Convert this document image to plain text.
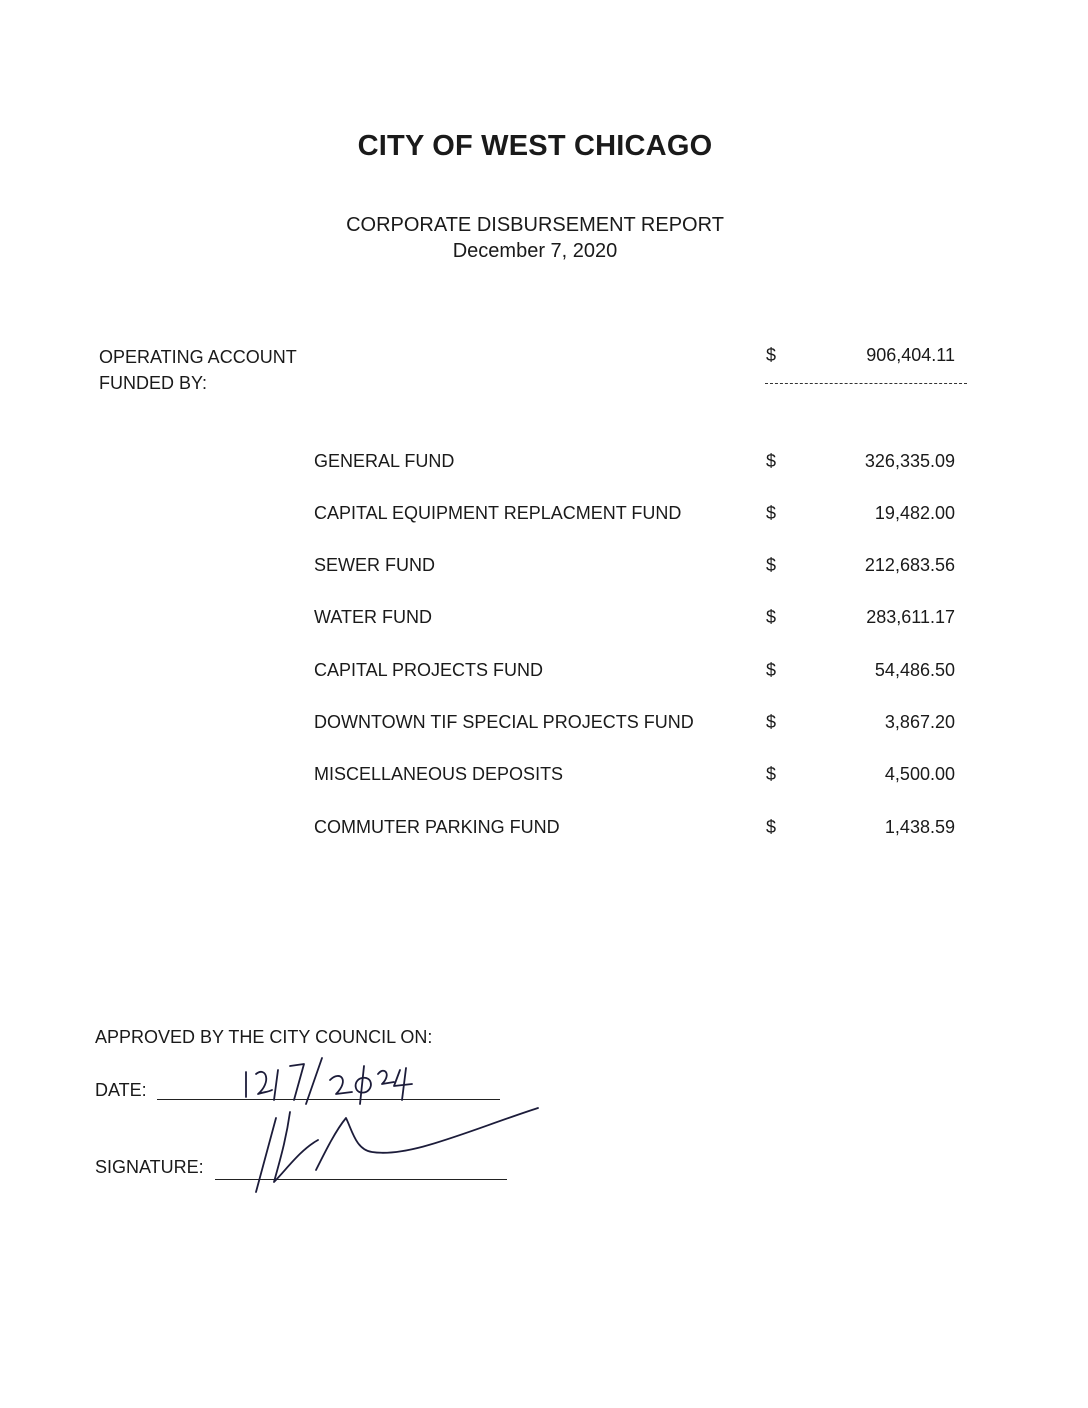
CITY OF WEST CHICAGO
CORPORATE DISBURSEMENT REPORT
December 7, 2020
OPERATING ACCOUNT
FUNDED BY:
$	906,404.11
GENERAL FUND	$	326,335.09
CAPITAL EQUIPMENT REPLACMENT FUND	$	19,482.00
SEWER FUND	$	212,683.56
WATER FUND	$	283,611.17
CAPITAL PROJECTS FUND	$	54,486.50
DOWNTOWN TIF SPECIAL PROJECTS FUND	$	3,867.20
MISCELLANEOUS DEPOSITS	$	4,500.00
COMMUTER PARKING FUND	$	1,438.59
APPROVED BY THE CITY COUNCIL ON:
DATE:
SIGNATURE:
